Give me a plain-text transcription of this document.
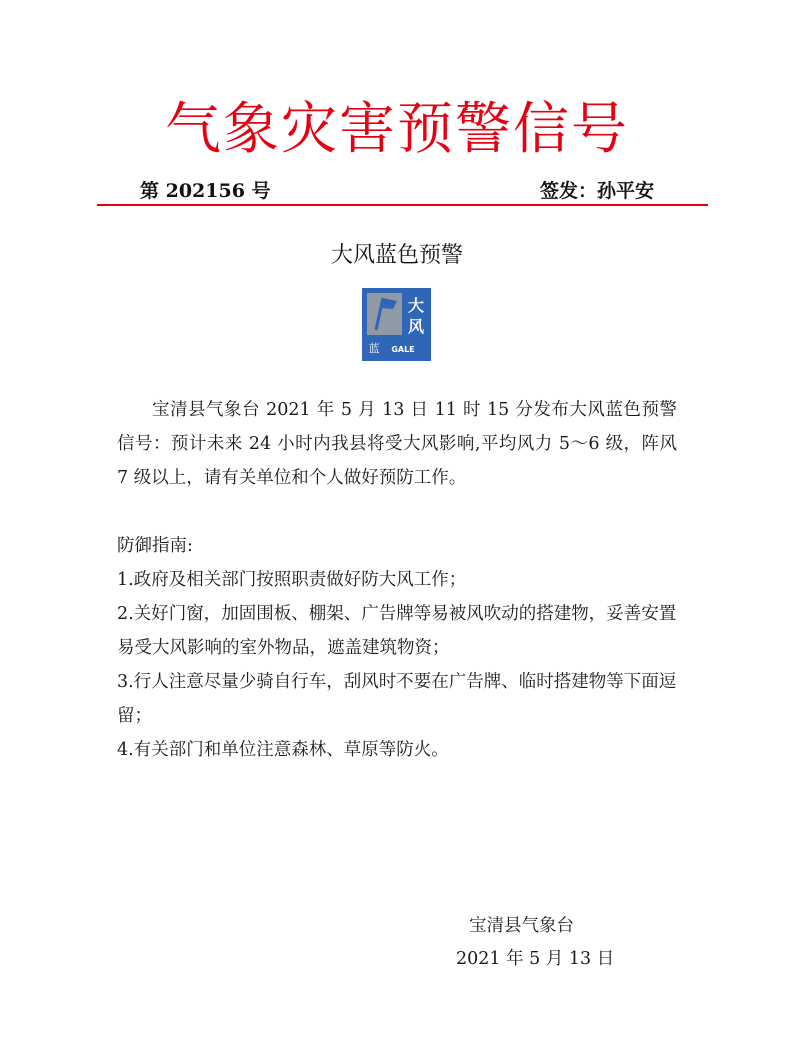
气象灾害预警信号
第 202156 号	签发：孙平安
大风蓝色预警
大
风
蓝 GALE

宝清县气象台 2021 年 5 月 13 日 11 时 15 分发布大风蓝色预警信号：预计未来 24 小时内我县将受大风影响,平均风力 5～6 级，阵风 7 级以上，请有关单位和个人做好预防工作。

防御指南:

1.政府及相关部门按照职责做好防大风工作；

2.关好门窗，加固围板、棚架、广告牌等易被风吹动的搭建物，妥善安置易受大风影响的室外物品，遮盖建筑物资；

3.行人注意尽量少骑自行车，刮风时不要在广告牌、临时搭建物等下面逗留；

4.有关部门和单位注意森林、草原等防火。

宝清县气象台
2021 年 5 月 13 日
